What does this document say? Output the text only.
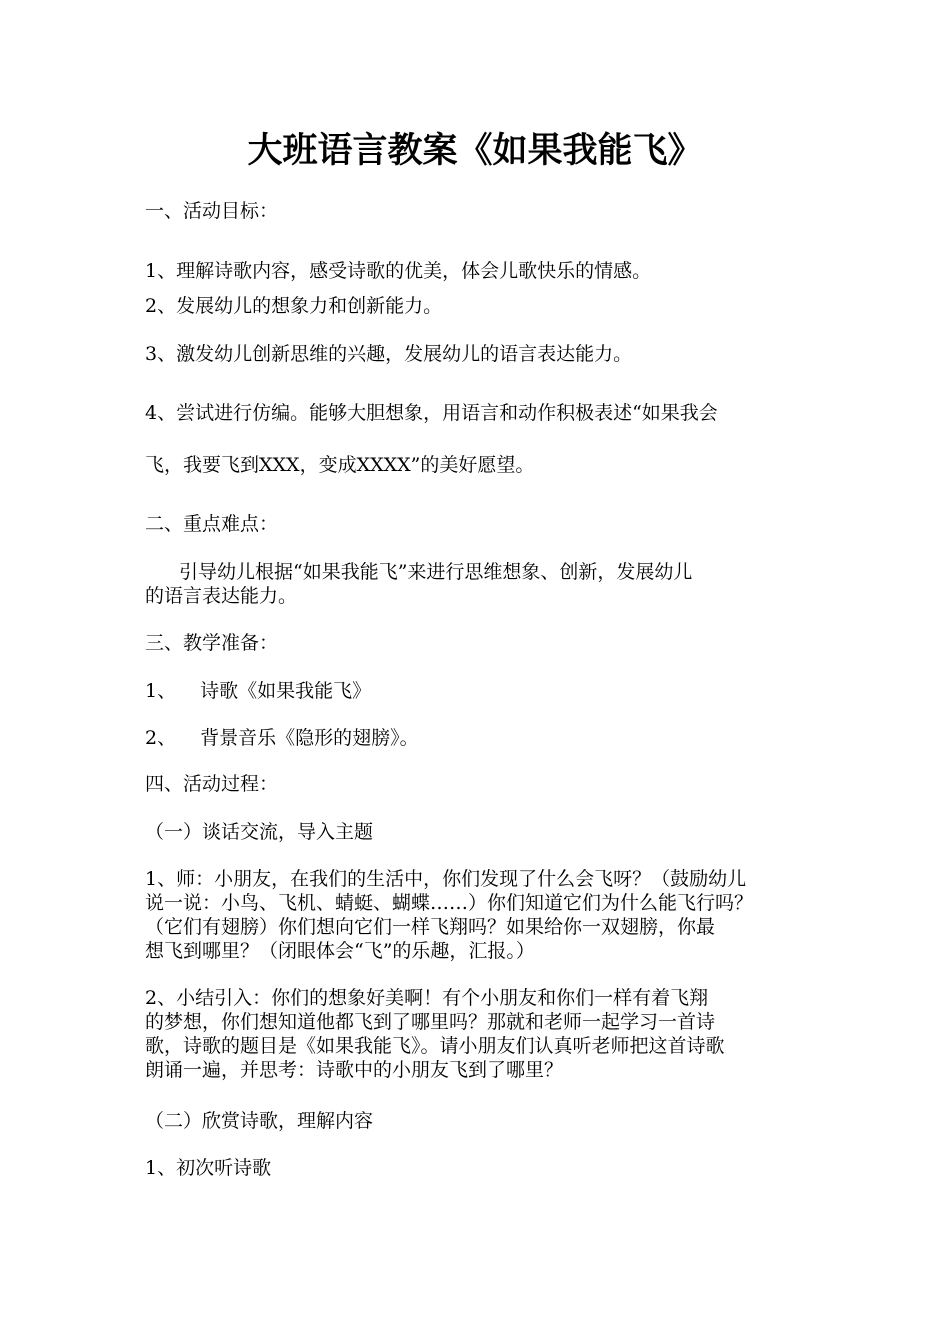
大班语言教案《如果我能飞》

一、活动目标：

1、理解诗歌内容，感受诗歌的优美，体会儿歌快乐的情感。

2、发展幼儿的想象力和创新能力。

3、激发幼儿创新思维的兴趣，发展幼儿的语言表达能力。

4、尝试进行仿编。能够大胆想象，用语言和动作积极表述“如果我会

飞，我要飞到XXX，变成XXXX”的美好愿望。

二、重点难点：

引导幼儿根据“如果我能飞”来进行思维想象、创新，发展幼儿
的语言表达能力。

三、教学准备：

1、 诗歌《如果我能飞》

2、 背景音乐《隐形的翅膀》。

四、活动过程：

（一）谈话交流，导入主题

1、师：小朋友，在我们的生活中，你们发现了什么会飞呀？（鼓励幼儿
说一说：小鸟、飞机、蜻蜓、蝴蝶……）你们知道它们为什么能飞行吗？
（它们有翅膀）你们想向它们一样飞翔吗？如果给你一双翅膀，你最
想飞到哪里？（闭眼体会“飞”的乐趣，汇报。）

2、小结引入：你们的想象好美啊！有个小朋友和你们一样有着飞翔
的梦想，你们想知道他都飞到了哪里吗？那就和老师一起学习一首诗
歌，诗歌的题目是《如果我能飞》。请小朋友们认真听老师把这首诗歌
朗诵一遍，并思考：诗歌中的小朋友飞到了哪里？

（二）欣赏诗歌，理解内容

1、初次听诗歌
